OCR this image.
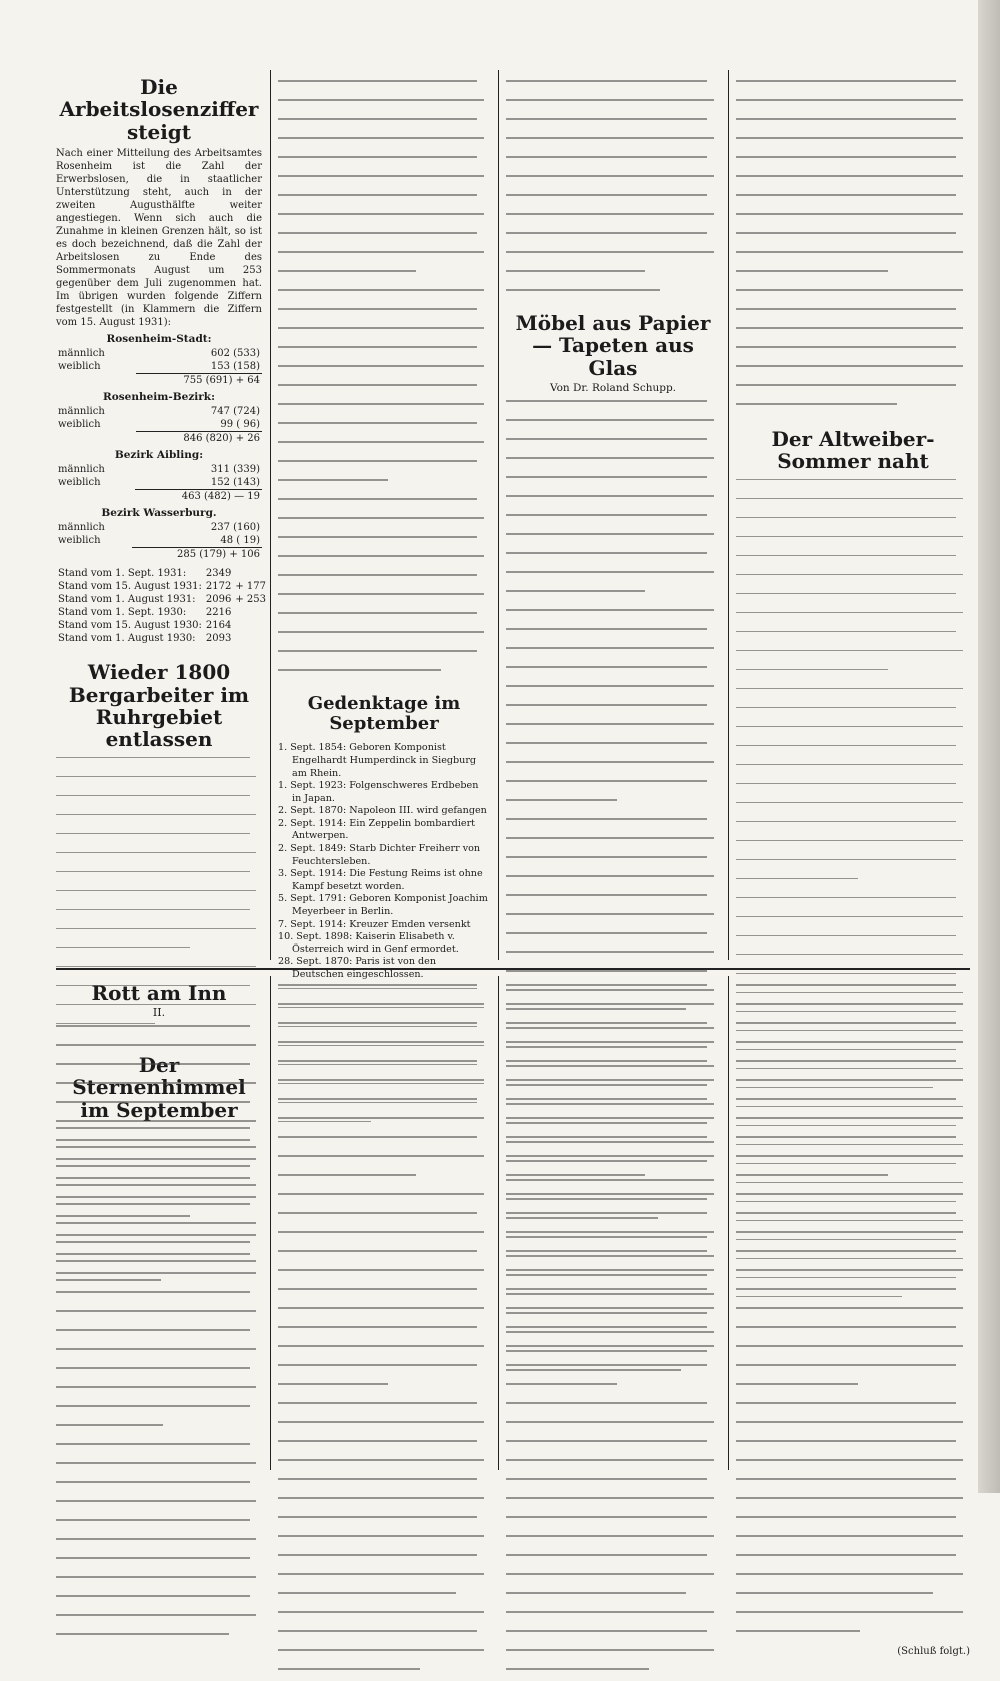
Die Arbeitslosenziffer steigt

Nach einer Mitteilung des Arbeitsamtes Rosenheim ist die Zahl der Erwerbslosen, die in staatlicher Unterstützung steht, auch in der zweiten Augusthälfte weiter angestiegen. Wenn sich auch die Zunahme in kleinen Grenzen hält, so ist es doch bezeichnend, daß die Zahl der Arbeitslosen zu Ende des Sommermonats August um 253 gegenüber dem Juli zugenommen hat. Im übrigen wurden folgende Ziffern festgestellt (in Klammern die Ziffern vom 15. August 1931):

Rosenheim-Stadt:
männlich	602 (533)
weiblich	153 (158)
	755 (691) + 64
Rosenheim-Bezirk:
männlich	747 (724)
weiblich	99 ( 96)
	846 (820) + 26
Bezirk Aibling:
männlich	311 (339)
weiblich	152 (143)
	463 (482) — 19
Bezirk Wasserburg.
männlich	237 (160)
weiblich	48 ( 19)
	285 (179) + 106
Stand vom 1. Sept. 1931:	2349	
Stand vom 15. August 1931:	2172	+ 177
Stand vom 1. August 1931:	2096	+ 253
Stand vom 1. Sept. 1930:	2216	
Stand vom 15. August 1930:	2164	
Stand vom 1. August 1930:	2093	
Wieder 1800 Bergarbeiter im Ruhrgebiet entlassen
Der Sternenhimmel im September
Gedenktage im September

1. Sept. 1854: Geboren Komponist Engelhardt Humperdinck in Siegburg am Rhein.

1. Sept. 1923: Folgenschweres Erdbeben in Japan.

2. Sept. 1870: Napoleon III. wird gefangen

2. Sept. 1914: Ein Zeppelin bombardiert Antwerpen.

2. Sept. 1849: Starb Dichter Freiherr von Feuchtersleben.

3. Sept. 1914: Die Festung Reims ist ohne Kampf besetzt worden.

5. Sept. 1791: Geboren Komponist Joachim Meyerbeer in Berlin.

7. Sept. 1914: Kreuzer Emden versenkt

10. Sept. 1898: Kaiserin Elisabeth v. Österreich wird in Genf ermordet.

28. Sept. 1870: Paris ist von den Deutschen eingeschlossen.

Möbel aus Papier — Tapeten aus Glas
Von Dr. Roland Schupp.
Der Altweiber-Sommer naht
Rott am Inn
II.
(Schluß folgt.)
